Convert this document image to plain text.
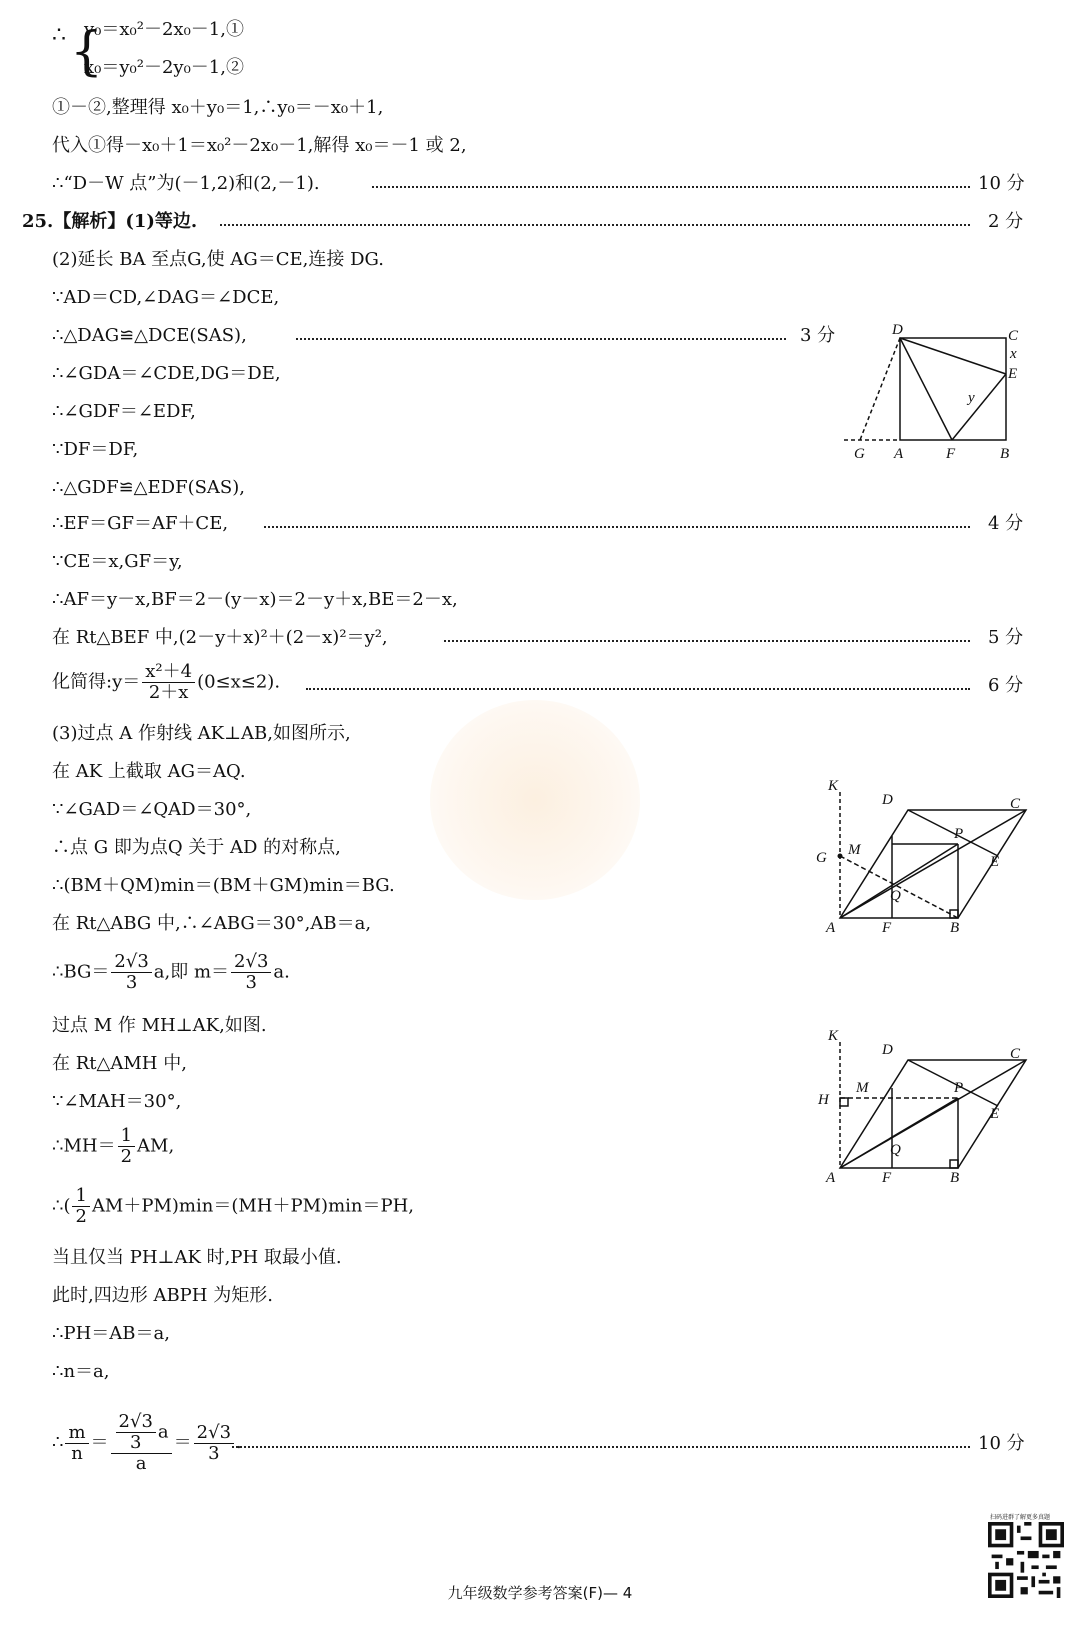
∴ {
y₀＝x₀²－2x₀－1,①
x₀＝y₀²－2y₀－1,②
①－②,整理得 x₀＋y₀＝1,∴y₀＝－x₀＋1,
代入①得－x₀＋1＝x₀²－2x₀－1,解得 x₀＝－1 或 2,
∴“D－W 点”为(－1,2)和(2,－1).	10 分
25.【解析】(1)等边.	2 分
(2)延长 BA 至点G,使 AG＝CE,连接 DG.
∵AD＝CD,∠DAG＝∠DCE,
∴△DAG≌△DCE(SAS),	3 分
∴∠GDA＝∠CDE,DG＝DE,
∴∠GDF＝∠EDF,
∵DF＝DF,
∴△GDF≌△EDF(SAS),
∴EF＝GF＝AF＋CE,	4 分
∵CE＝x,GF＝y,
∴AF＝y－x,BF＝2－(y－x)＝2－y＋x,BE＝2－x,
在 Rt△BEF 中,(2－y＋x)²＋(2－x)²＝y²,	5 分
化简得:y＝ $\frac{\text{x²＋4}}{2+x} (0\le x\le 2)$.	6 分
(3)过点 A 作射线 AK⊥AB,如图所示,
在 AK 上截取 AG＝AQ.
∵∠GAD＝∠QAD＝30°,
∴点 G 即为点Q 关于 AD 的对称点,
∴(BM＋QM)min＝(BM＋GM)min＝BG.
在 Rt△ABG 中,∴∠ABG＝30°,AB＝a,
∴BG＝ $\frac{2√3}{3} a$,即 $m= \frac{2√3}{3} a$.
过点 M 作 MH⊥AK,如图.
在 Rt△AMH 中,
∵∠MAH＝30°,
∴MH＝ $\frac{1}{2}$ AM,
∴( $\frac{1}{2} AM+PM)\min=(MH+PM)\min=PH$,
当且仅当 PH⊥AK 时,PH 取最小值.
此时,四边形 ABPH 为矩形.
∴PH＝AB＝a,
∴n＝a,
∴ $\frac{m}{n} = \frac{\frac{2√3}{3} a}{a} = \frac{2√3}{3}$ .	10 分
D	C
x
E
y
G A	F	B
K
D	C
G M
P
E
Q
A	F	B
K
D	C
H
M	P
E
Q
A	F	B
扫码进群了解更多真题
九年级数学参考答案(F)— 4
